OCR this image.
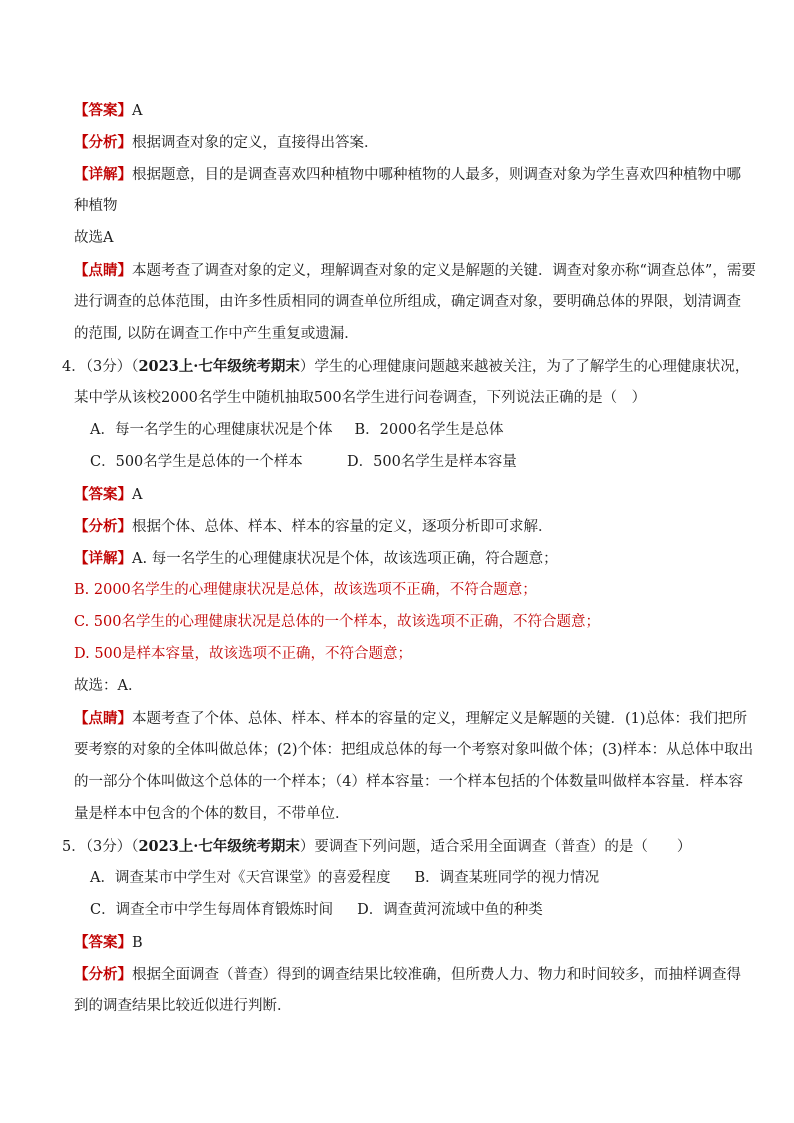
【答案】A
【分析】根据调查对象的定义，直接得出答案．
【详解】根据题意，目的是调查喜欢四种植物中哪种植物的人最多，则调查对象为学生喜欢四种植物中哪
种植物
故选A
【点睛】本题考查了调查对象的定义，理解调查对象的定义是解题的关键．调查对象亦称“调查总体”，需要
进行调查的总体范围，由许多性质相同的调查单位所组成，确定调查对象，要明确总体的界限，划清调查
的范围, 以防在调查工作中产生重复或遗漏．
4．（3分）（2023上·七年级统考期末）学生的心理健康问题越来越被关注，为了了解学生的心理健康状况，
某中学从该校2000名学生中随机抽取500名学生进行问卷调查，下列说法正确的是（　）
A．每一名学生的心理健康状况是个体 B．2000名学生是总体
C．500名学生是总体的一个样本	D．500名学生是样本容量
【答案】A
【分析】根据个体、总体、样本、样本的容量的定义，逐项分析即可求解．
【详解】A. 每一名学生的心理健康状况是个体，故该选项正确，符合题意；
B. 2000名学生的心理健康状况是总体，故该选项不正确，不符合题意；
C. 500名学生的心理健康状况是总体的一个样本，故该选项不正确，不符合题意；
D. 500是样本容量，故该选项不正确，不符合题意；
故选：A．
【点睛】本题考查了个体、总体、样本、样本的容量的定义，理解定义是解题的关键．(1)总体：我们把所
要考察的对象的全体叫做总体；(2)个体：把组成总体的每一个考察对象叫做个体；(3)样本：从总体中取出
的一部分个体叫做这个总体的一个样本；（4）样本容量：一个样本包括的个体数量叫做样本容量．样本容
量是样本中包含的个体的数目，不带单位．
5．（3分）（2023上·七年级统考期末）要调查下列问题，适合采用全面调查（普查）的是（　　）
A．调查某市中学生对《天宫课堂》的喜爱程度 B．调查某班同学的视力情况
C．调查全市中学生每周体育锻炼时间 D．调查黄河流域中鱼的种类
【答案】B
【分析】根据全面调查（普查）得到的调查结果比较准确，但所费人力、物力和时间较多，而抽样调查得
到的调查结果比较近似进行判断．
